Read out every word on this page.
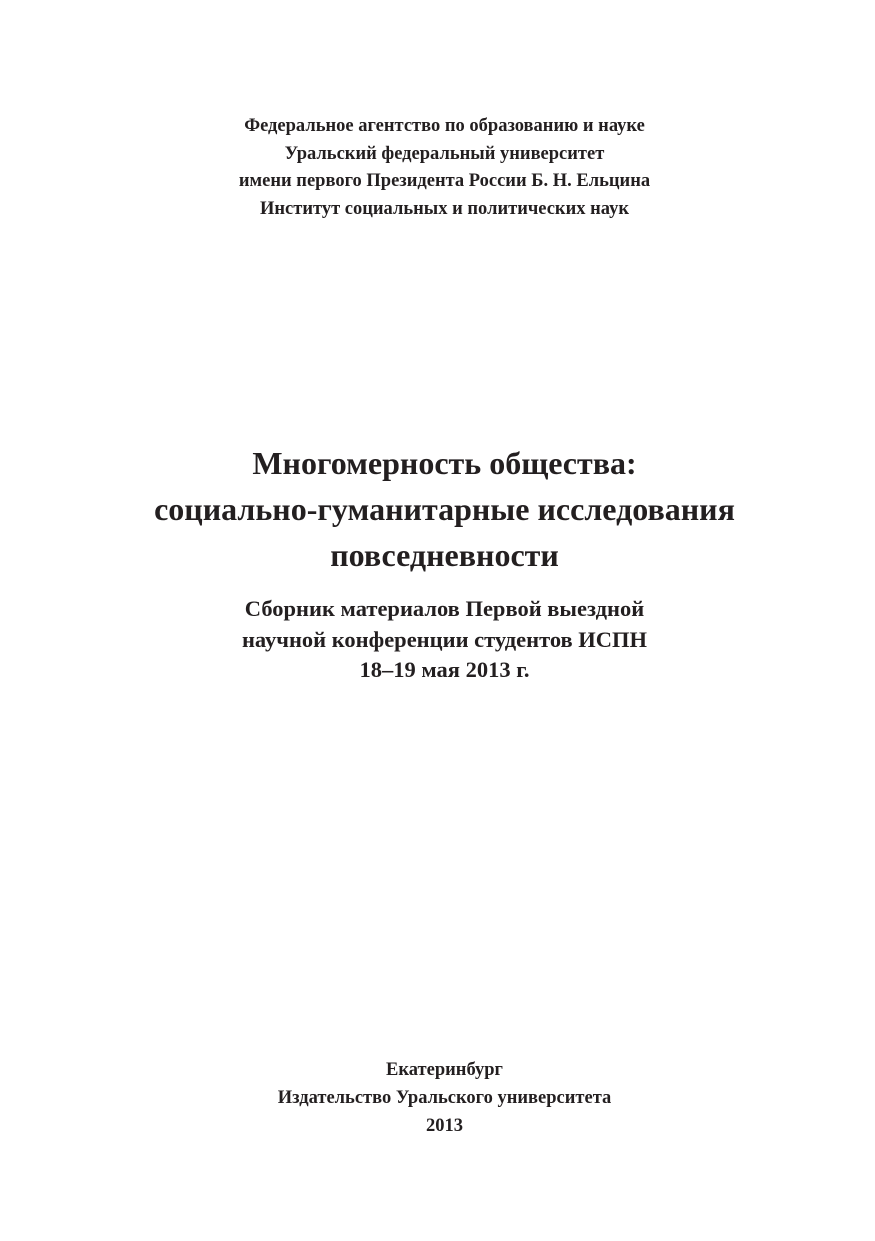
Федеральное агентство по образованию и науке
Уральский федеральный университет
имени первого Президента России Б. Н. Ельцина
Институт социальных и политических наук
Многомерность общества:
социально-гуманитарные исследования
повседневности
Сборник материалов Первой выездной
научной конференции студентов ИСПН
18–19 мая 2013 г.
Екатеринбург
Издательство Уральского университета
2013
